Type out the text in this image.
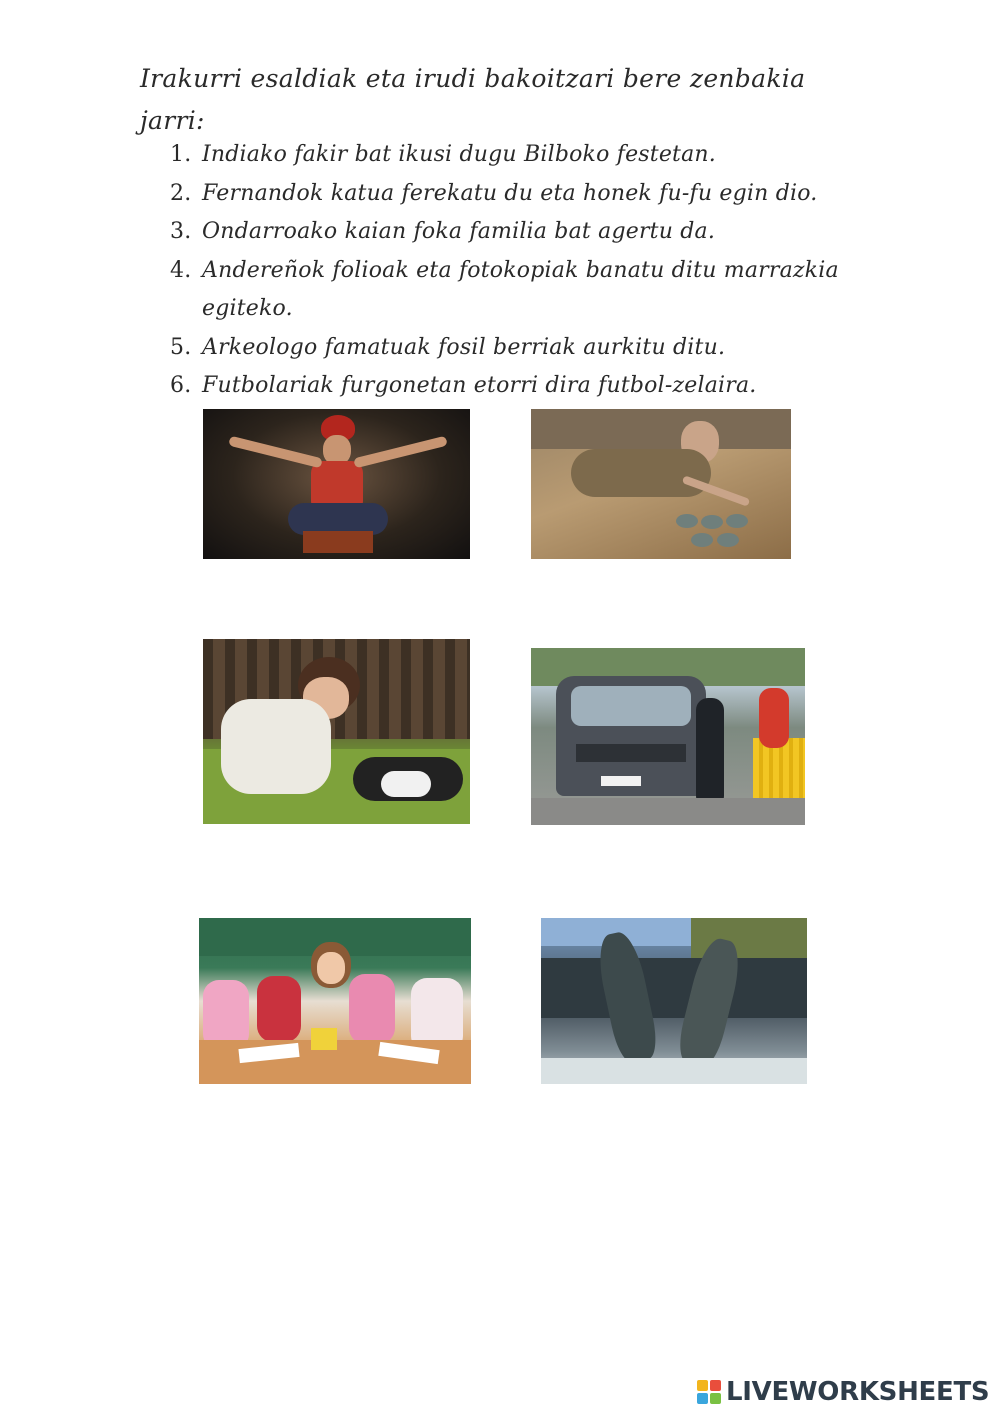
Irakurri esaldiak eta irudi bakoitzari bere zenbakia jarri:

1. Indiako fakir bat ikusi dugu Bilboko festetan.
2. Fernandok katua ferekatu du eta honek fu-fu egin dio.
3. Ondarroako kaian foka familia bat agertu da.
4. Andereñok folioak eta fotokopiak banatu ditu marrazkia egiteko.
5. Arkeologo famatuak fosil berriak aurkitu ditu.
6. Futbolariak furgonetan etorri dira futbol-zelaira.
LIVEWORKSHEETS
